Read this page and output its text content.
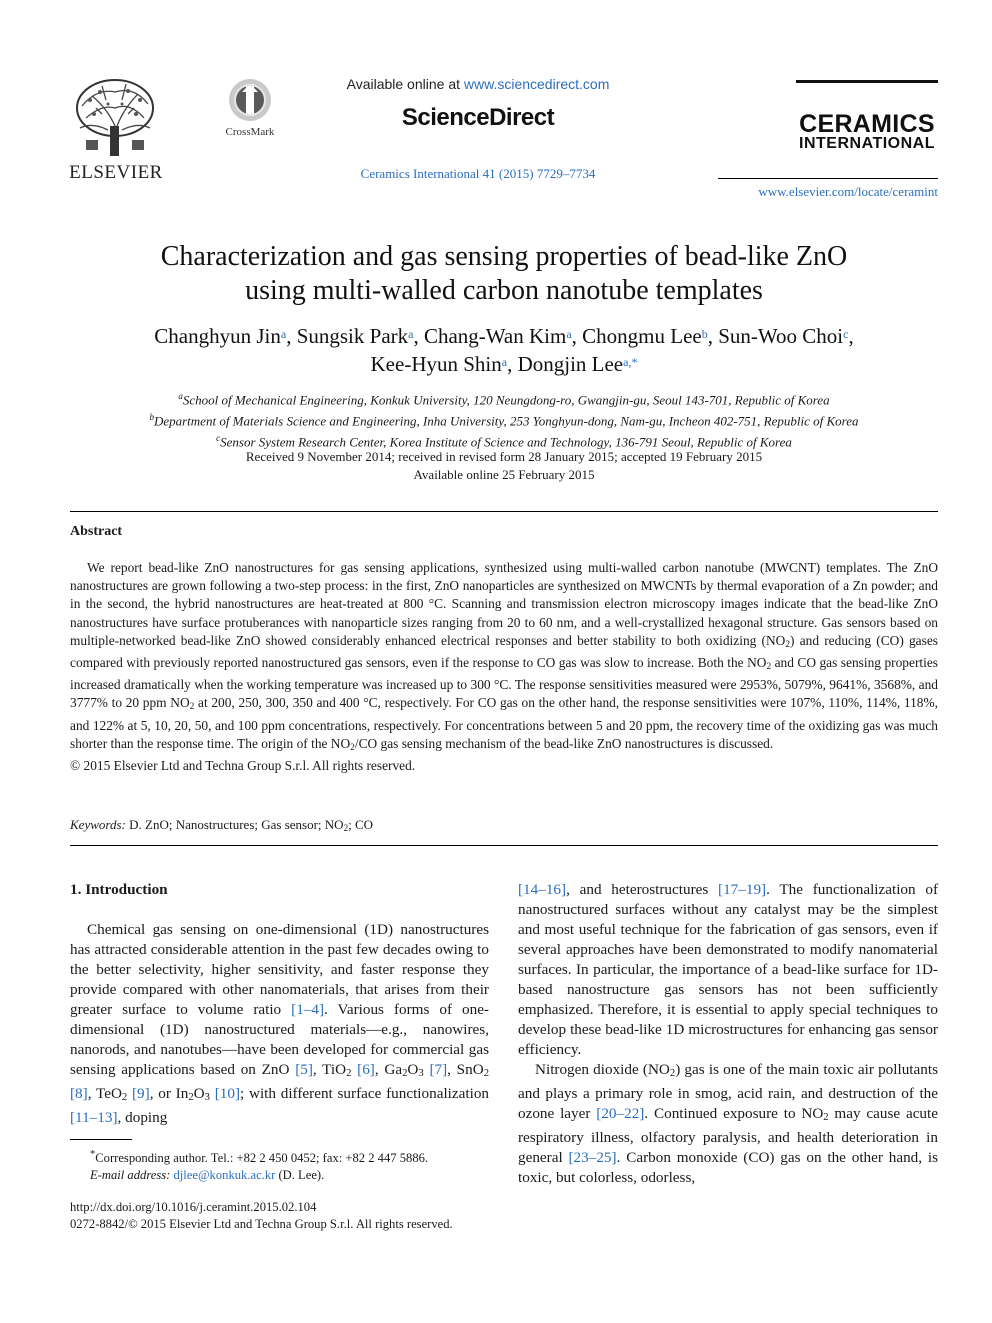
ELSEVIER
CrossMark
Available online at www.sciencedirect.com
ScienceDirect
Ceramics International 41 (2015) 7729–7734
CERAMICS
INTERNATIONAL
www.elsevier.com/locate/ceramint
Characterization and gas sensing properties of bead-like ZnO
using multi-walled carbon nanotube templates
Changhyun Jin$^a$, Sungsik Park$^a$, Chang-Wan Kim$^a$, Chongmu Lee$^b$, Sun-Woo Choi$^c$,
Kee-Hyun Shin$^a$, Dongjin Lee$^{a,*}$
$^a$School of Mechanical Engineering, Konkuk University, 120 Neungdong-ro, Gwangjin-gu, Seoul 143-701, Republic of Korea
$^b$Department of Materials Science and Engineering, Inha University, 253 Yonghyun-dong, Nam-gu, Incheon 402-751, Republic of Korea
$^c$Sensor System Research Center, Korea Institute of Science and Technology, 136-791 Seoul, Republic of Korea
Received 9 November 2014; received in revised form 28 January 2015; accepted 19 February 2015
Available online 25 February 2015
Abstract

We report bead-like ZnO nanostructures for gas sensing applications, synthesized using multi-walled carbon nanotube (MWCNT) templates. The ZnO nanostructures are grown following a two-step process: in the first, ZnO nanoparticles are synthesized on MWCNTs by thermal evaporation of a Zn powder; and in the second, the hybrid nanostructures are heat-treated at 800 °C. Scanning and transmission electron microscopy images indicate that the bead-like ZnO nanostructures have surface protuberances with nanoparticle sizes ranging from 20 to 60 nm, and a well-crystallized hexagonal structure. Gas sensors based on multiple-networked bead-like ZnO showed considerably enhanced electrical responses and better stability to both oxidizing $(NO_2)$ and reducing (CO) gases compared with previously reported nanostructured gas sensors, even if the response to CO gas was slow to increase. Both the $NO_2$ and CO gas sensing properties increased dramatically when the working temperature was increased up to 300 °C. The response sensitivities measured were 2953%, 5079%, 9641%, 3568%, and 3777% to 20 ppm $NO_2$ at 200, 250, 300, 350 and 400 °C, respectively. For CO gas on the other hand, the response sensitivities were 107%, 110%, 114%, 118%, and 122% at 5, 10, 20, 50, and 100 ppm concentrations, respectively. For concentrations between 5 and 20 ppm, the recovery time of the oxidizing gas was much shorter than the response time. The origin of the $NO_2/CO$ gas sensing mechanism of the bead-like ZnO nanostructures is discussed.

© 2015 Elsevier Ltd and Techna Group S.r.l. All rights reserved.

Keywords: D. ZnO; Nanostructures; Gas sensor; $NO_2$; CO

1. Introduction

Chemical gas sensing on one-dimensional (1D) nanostructures has attracted considerable attention in the past few decades owing to the better selectivity, higher sensitivity, and faster response they provide compared with other nanomaterials, that arises from their greater surface to volume ratio [1–4]. Various forms of one-dimensional (1D) nanostructured materials—e.g., nanowires, nanorods, and nanotubes—have been developed for commercial gas sensing applications based on ZnO [5], TiO$_2$ [6], $Ga_2O_3$ [7], SnO$_2$ [8], TeO$_2$ [9], or $In_2O_3$ [10]; with different surface functionalization [11–13], doping

[14–16], and heterostructures [17–19]. The functionalization of nanostructured surfaces without any catalyst may be the simplest and most useful technique for the fabrication of gas sensors, even if several approaches have been demonstrated to modify nanomaterial surfaces. In particular, the importance of a bead-like surface for 1D-based nanostructure gas sensors has not been sufficiently emphasized. Therefore, it is essential to apply special techniques to develop these bead-like 1D microstructures for enhancing gas sensor efficiency.

Nitrogen dioxide $(NO_2)$ gas is one of the main toxic air pollutants and plays a primary role in smog, acid rain, and destruction of the ozone layer [20–22]. Continued exposure to $NO_2$ may cause acute respiratory illness, olfactory paralysis, and health deterioration in general [23–25]. Carbon monoxide (CO) gas on the other hand, is toxic, but colorless, odorless,

*Corresponding author. Tel.: +82 2 450 0452; fax: +82 2 447 5886.

E-mail address: djlee@konkuk.ac.kr (D. Lee).

http://dx.doi.org/10.1016/j.ceramint.2015.02.104

0272-8842/© 2015 Elsevier Ltd and Techna Group S.r.l. All rights reserved.
